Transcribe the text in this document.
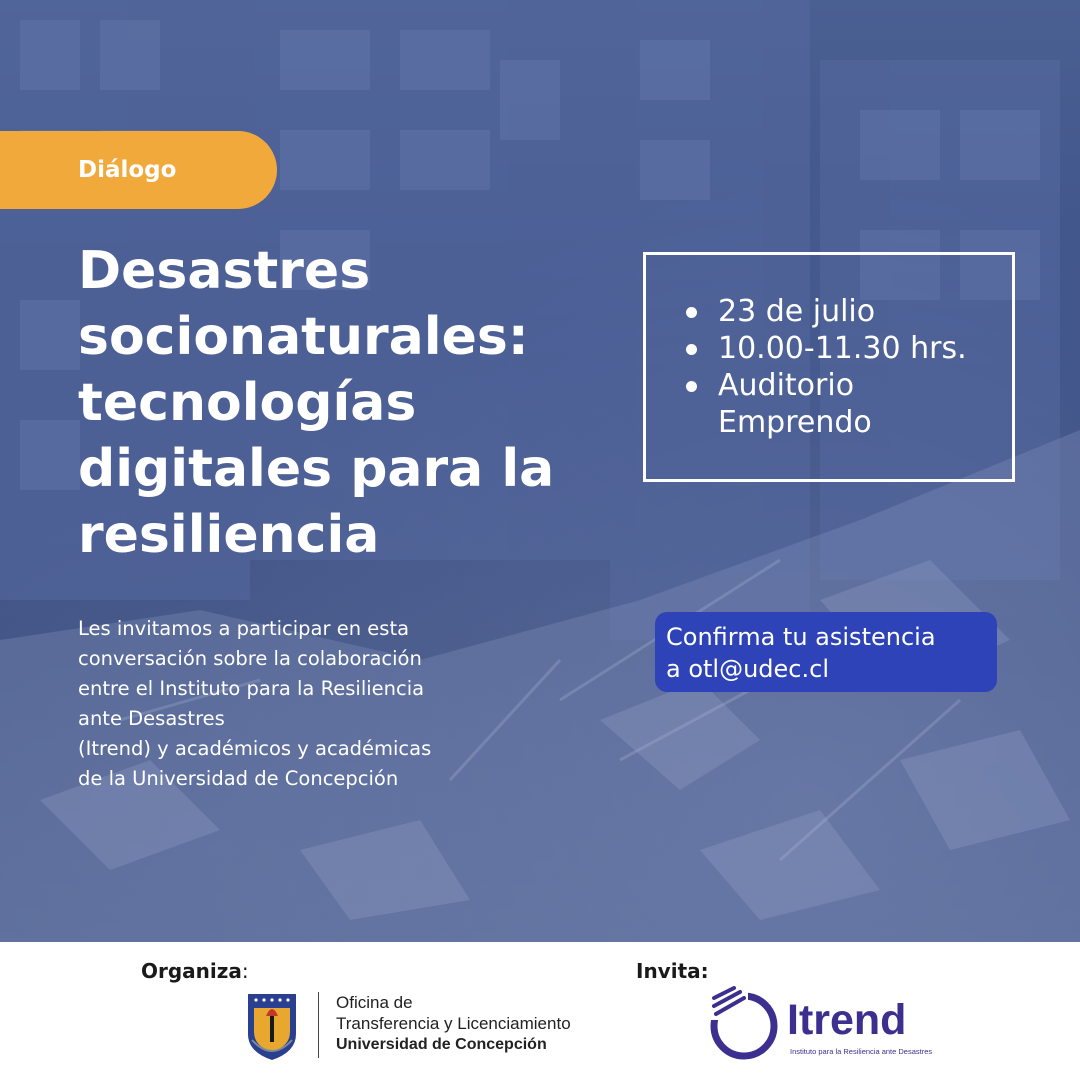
Diálogo
Desastres socionaturales: tecnologías digitales para la resiliencia
23 de julio
10.00-11.30 hrs.
Auditorio Emprendo

Les invitamos a participar en esta
conversación sobre la colaboración
entre el Instituto para la Resiliencia
ante Desastres
(Itrend) y académicos y académicas
de la Universidad de Concepción

Confirma tu asistencia
a otl@udec.cl
Organiza:	Invita:
Oficina de
Transferencia y Licenciamiento
Universidad de Concepción
Itrend
Instituto para la Resiliencia ante Desastres
